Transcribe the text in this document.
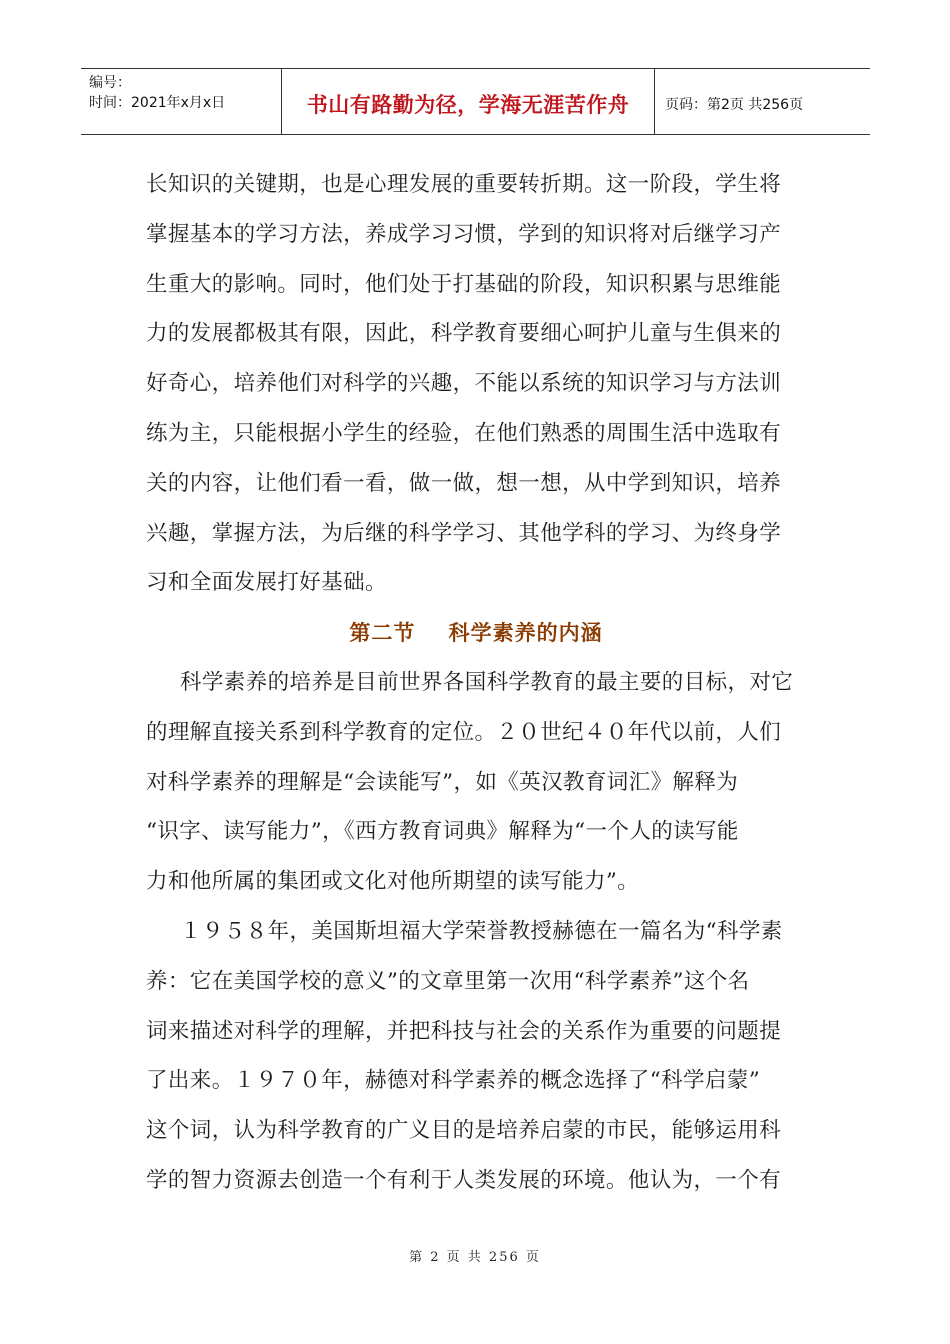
编号：
时间：2021年x月x日	书山有路勤为径，学海无涯苦作舟	页码：第2页 共256页
长知识的关键期，也是心理发展的重要转折期。这一阶段，学生将
掌握基本的学习方法，养成学习习惯，学到的知识将对后继学习产
生重大的影响。同时，他们处于打基础的阶段，知识积累与思维能
力的发展都极其有限，因此，科学教育要细心呵护儿童与生俱来的
好奇心，培养他们对科学的兴趣，不能以系统的知识学习与方法训
练为主，只能根据小学生的经验，在他们熟悉的周围生活中选取有
关的内容，让他们看一看，做一做，想一想，从中学到知识，培养
兴趣，掌握方法，为后继的科学学习、其他学科的学习、为终身学
习和全面发展打好基础。
第二节    科学素养的内涵
科学素养的培养是目前世界各国科学教育的最主要的目标，对它
的理解直接关系到科学教育的定位。２０世纪４０年代以前，人们
对科学素养的理解是“会读能写”，如《英汉教育词汇》解释为
“识字、读写能力”，《西方教育词典》解释为“一个人的读写能
力和他所属的集团或文化对他所期望的读写能力”。
１９５８年，美国斯坦福大学荣誉教授赫德在一篇名为“科学素
养：它在美国学校的意义”的文章里第一次用“科学素养”这个名
词来描述对科学的理解，并把科技与社会的关系作为重要的问题提
了出来。１９７０年，赫德对科学素养的概念选择了“科学启蒙”
这个词，认为科学教育的广义目的是培养启蒙的市民，能够运用科
学的智力资源去创造一个有利于人类发展的环境。他认为，一个有
第 2 页 共 256 页
